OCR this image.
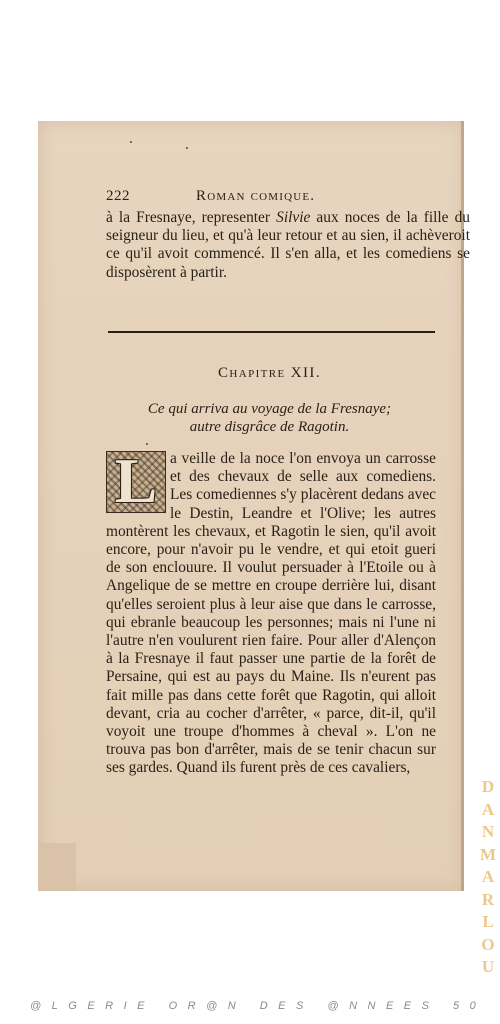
222	Roman comique.

à la Fresnaye, representer Silvie aux noces de la fille du seigneur du lieu, et qu'à leur retour et au sien, il achèveroit ce qu'il avoit commencé. Il s'en alla, et les comediens se disposèrent à partir.

Chapitre XII.
Ce qui arriva au voyage de la Fresnaye;
autre disgrâce de Ragotin.
L a veille de la noce l'on envoya un carrosse et des chevaux de selle aux comediens. Les comediennes s'y placèrent dedans avec le Destin, Leandre et l'Olive; les autres montèrent les chevaux, et Ragotin le sien, qu'il avoit encore, pour n'avoir pu le vendre, et qui etoit gueri de son enclouure. Il voulut persuader à l'Etoile ou à Angelique de se mettre en croupe derrière lui, disant qu'elles seroient plus à leur aise que dans le carrosse, qui ebranle beaucoup les personnes; mais ni l'une ni l'autre n'en voulurent rien faire. Pour aller d'Alençon à la Fresnaye il faut passer une partie de la forêt de Persaine, qui est au pays du Maine. Ils n'eurent pas fait mille pas dans cette forêt que Ragotin, qui alloit devant, cria au cocher d'arrêter, « parce, dit-il, qu'il voyoit une troupe d'hommes à cheval ». L'on ne trouva pas bon d'arrêter, mais de se tenir chacun sur ses gardes. Quand ils furent près de ces cavaliers,
D
A
N
M
A
R
L
O
U
@LGERIE OR@N DES @NNEES 50
